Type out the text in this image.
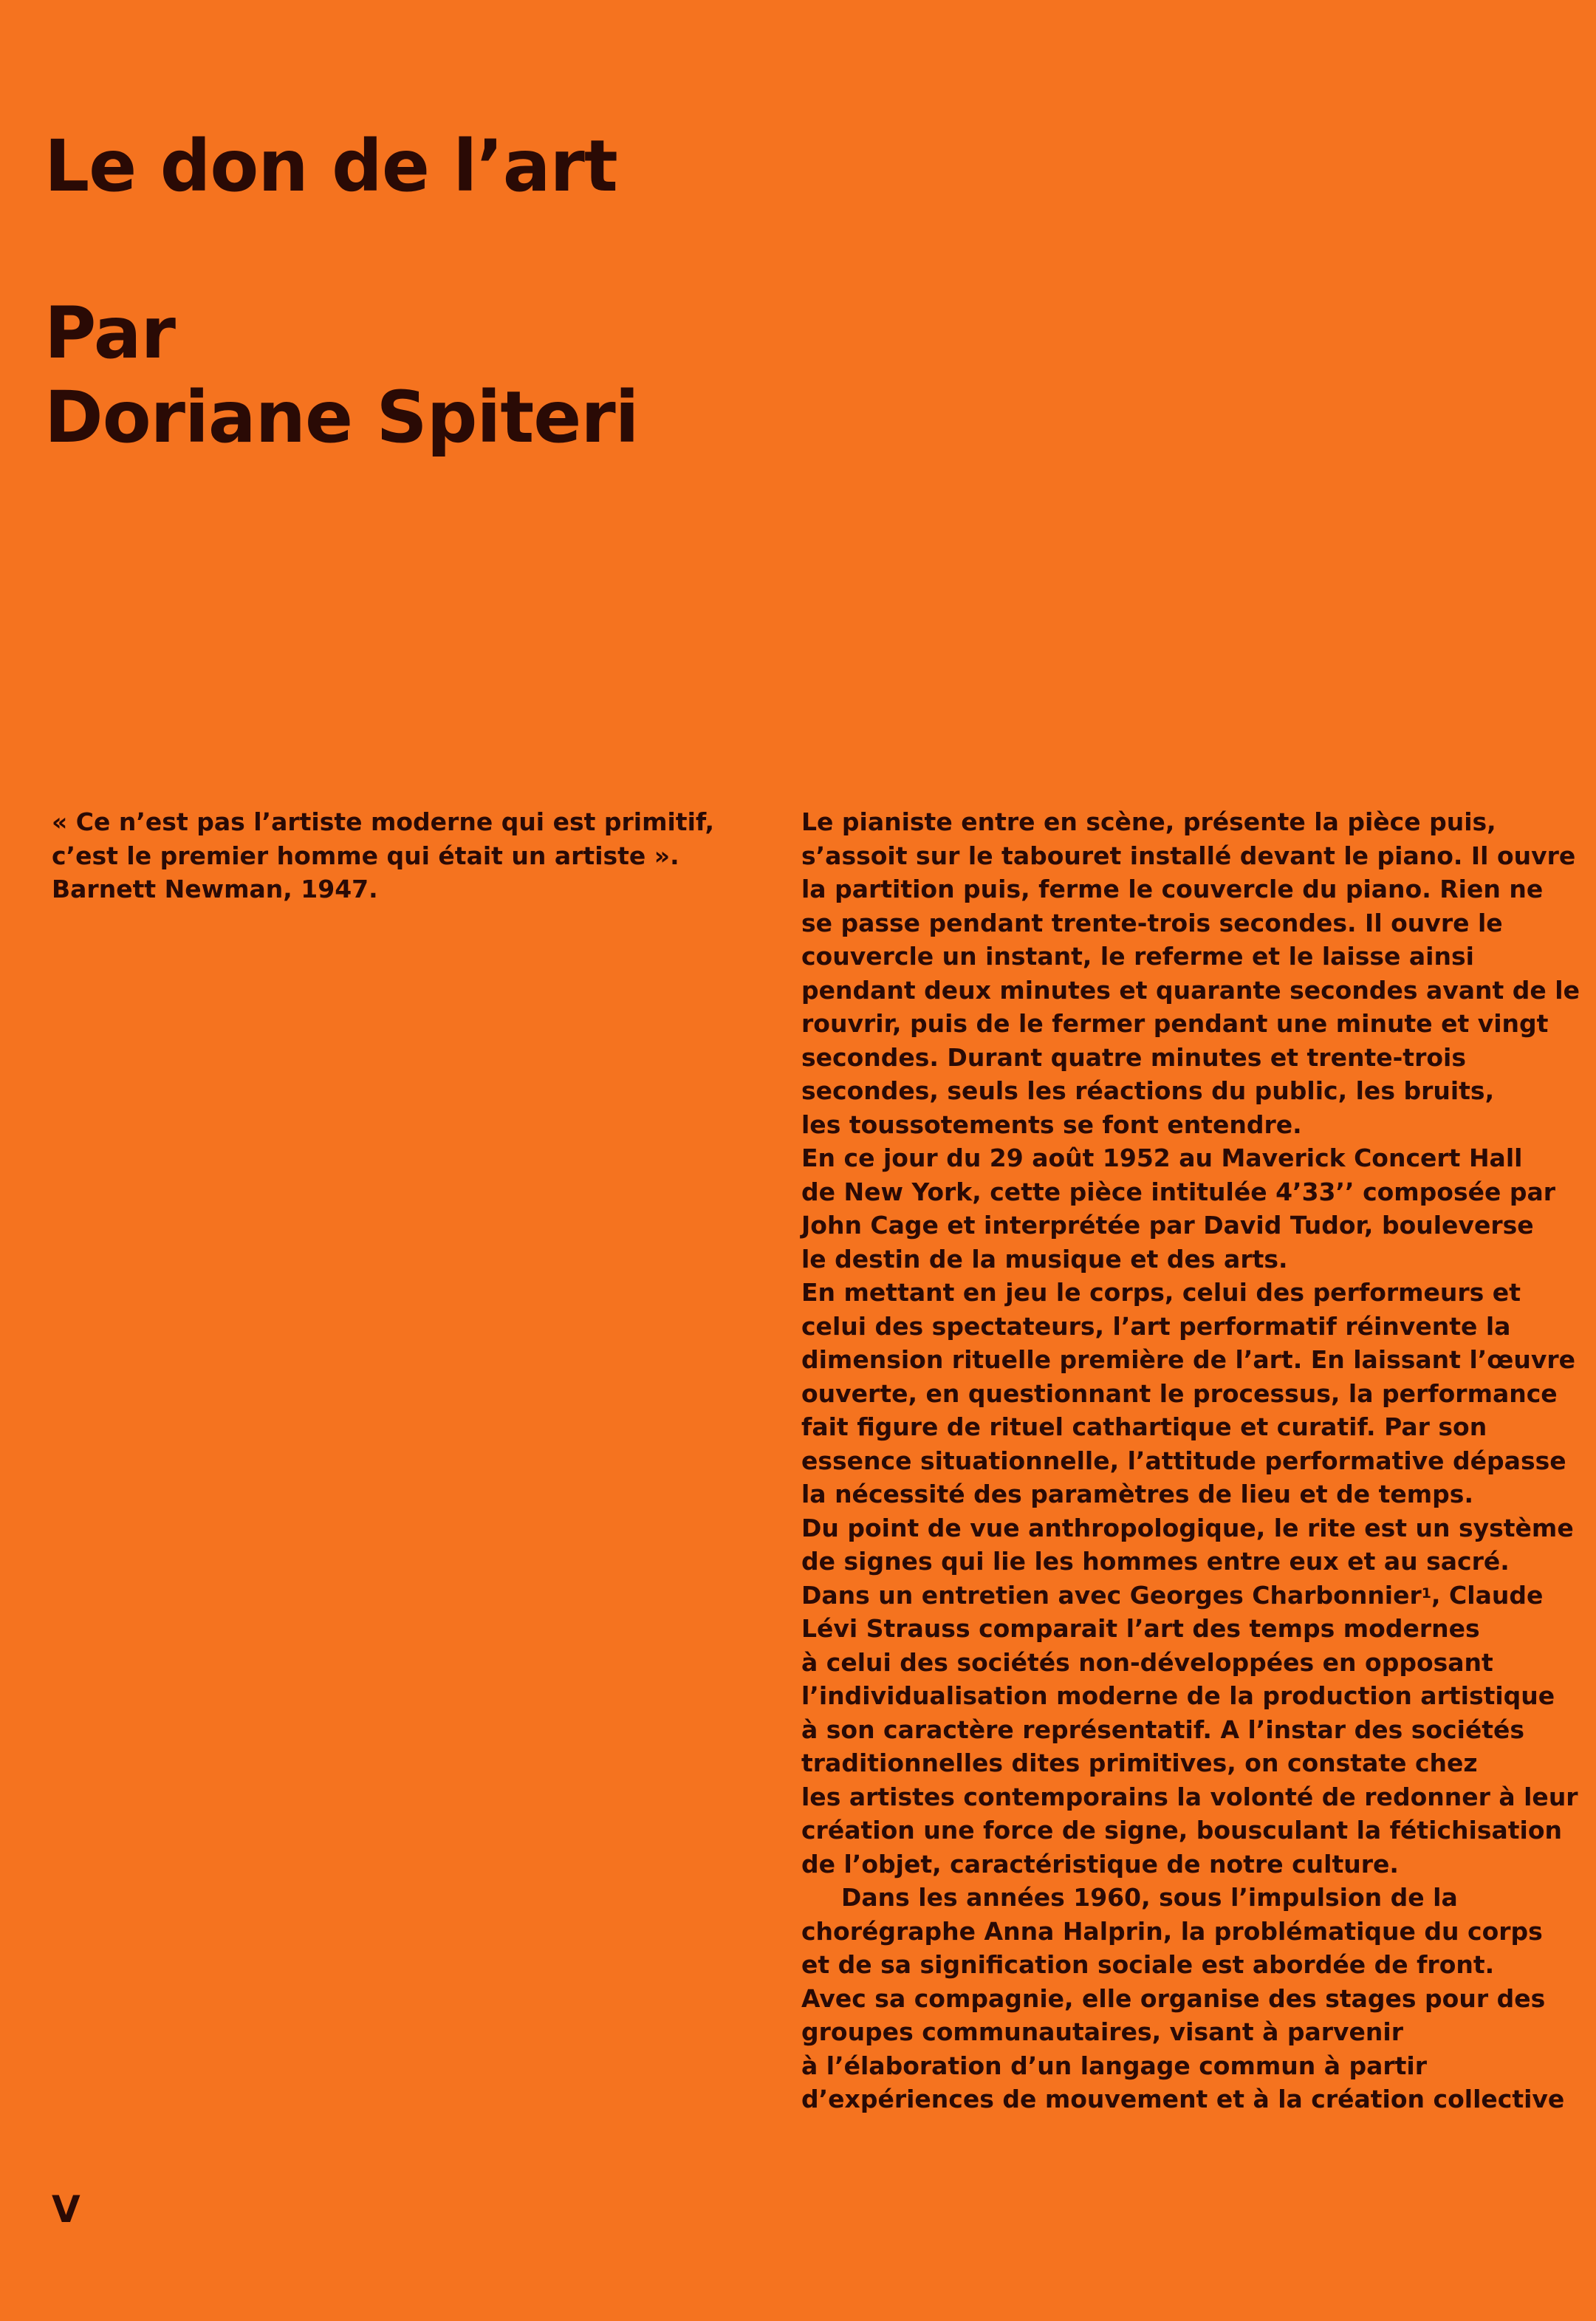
Le don de l’art
Par
Doriane Spiteri
« Ce n’est pas l’artiste moderne qui est primitif,
c’est le premier homme qui était un artiste ».
Barnett Newman, 1947.
Le pianiste entre en scène, présente la pièce puis,
s’assoit sur le tabouret installé devant le piano. Il ouvre
la partition puis, ferme le couvercle du piano. Rien ne
se passe pendant trente-trois secondes. Il ouvre le
couvercle un instant, le referme et le laisse ainsi
pendant deux minutes et quarante secondes avant de le
rouvrir, puis de le fermer pendant une minute et vingt
secondes. Durant quatre minutes et trente-trois
secondes, seuls les réactions du public, les bruits,
les toussotements se font entendre.
En ce jour du 29 août 1952 au Maverick Concert Hall
de New York, cette pièce intitulée 4’33’’ composée par
John Cage et interprétée par David Tudor, bouleverse
le destin de la musique et des arts.
En mettant en jeu le corps, celui des performeurs et
celui des spectateurs, l’art performatif réinvente la
dimension rituelle première de l’art. En laissant l’œuvre
ouverte, en questionnant le processus, la performance
fait figure de rituel cathartique et curatif. Par son
essence situationnelle, l’attitude performative dépasse
la nécessité des paramètres de lieu et de temps.
Du point de vue anthropologique, le rite est un système
de signes qui lie les hommes entre eux et au sacré.
Dans un entretien avec Georges Charbonnier$^1$, Claude
Lévi Strauss comparait l’art des temps modernes
à celui des sociétés non-développées en opposant
l’individualisation moderne de la production artistique
à son caractère représentatif. A l’instar des sociétés
traditionnelles dites primitives, on constate chez
les artistes contemporains la volonté de redonner à leur
création une force de signe, bousculant la fétichisation
de l’objet, caractéristique de notre culture.
Dans les années 1960, sous l’impulsion de la
chorégraphe Anna Halprin, la problématique du corps
et de sa signification sociale est abordée de front.
Avec sa compagnie, elle organise des stages pour des
groupes communautaires, visant à parvenir
à l’élaboration d’un langage commun à partir
d’expériences de mouvement et à la création collective
V
